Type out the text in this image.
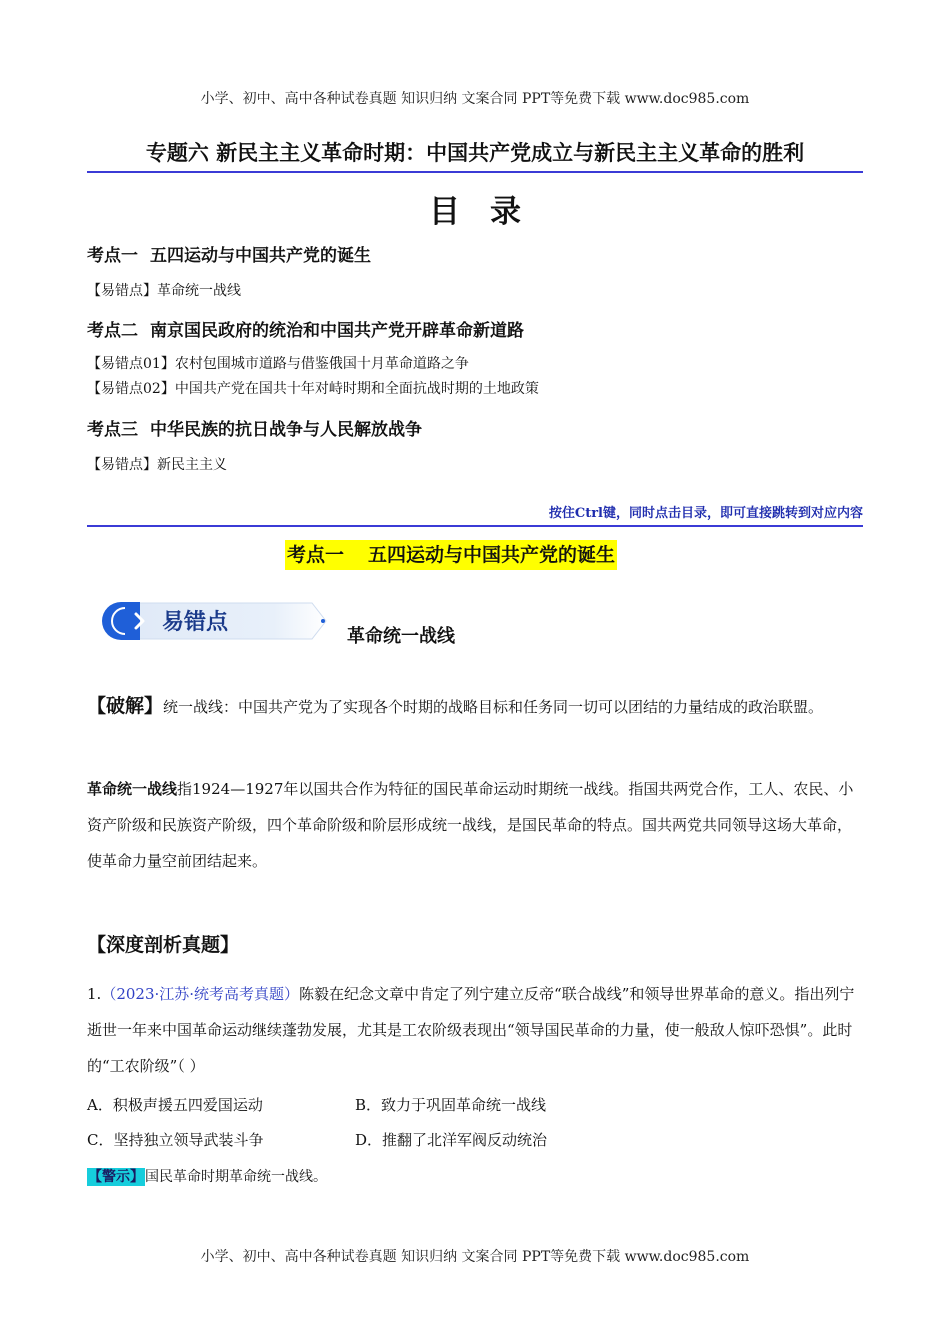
小学、初中、高中各种试卷真题 知识归纳 文案合同 PPT等免费下载 www.doc985.com
专题六 新民主主义革命时期：中国共产党成立与新民主主义革命的胜利
目录
考点一 五四运动与中国共产党的诞生
【易错点】革命统一战线
考点二 南京国民政府的统治和中国共产党开辟革命新道路
【易错点01】农村包围城市道路与借鉴俄国十月革命道路之争
【易错点02】中国共产党在国共十年对峙时期和全面抗战时期的土地政策
考点三 中华民族的抗日战争与人民解放战争
【易错点】新民主主义
按住Ctrl键，同时点击目录，即可直接跳转到对应内容
考点一 五四运动与中国共产党的诞生
易错点
革命统一战线
【破解】统一战线：中国共产党为了实现各个时期的战略目标和任务同一切可以团结的力量结成的政治联盟。
革命统一战线指1924—1927年以国共合作为特征的国民革命运动时期统一战线。指国共两党合作，工人、农民、小资产阶级和民族资产阶级，四个革命阶级和阶层形成统一战线，是国民革命的特点。国共两党共同领导这场大革命，使革命力量空前团结起来。
【深度剖析真题】
1.（2023·江苏·统考高考真题）陈毅在纪念文章中肯定了列宁建立反帝“联合战线”和领导世界革命的意义。指出列宁逝世一年来中国革命运动继续蓬勃发展，尤其是工农阶级表现出“领导国民革命的力量，使一般敌人惊吓恐惧”。此时的“工农阶级”（ ）
A．积极声援五四爱国运动	B．致力于巩固革命统一战线
C．坚持独立领导武装斗争	D．推翻了北洋军阀反动统治
【警示】国民革命时期革命统一战线。
小学、初中、高中各种试卷真题 知识归纳 文案合同 PPT等免费下载 www.doc985.com
